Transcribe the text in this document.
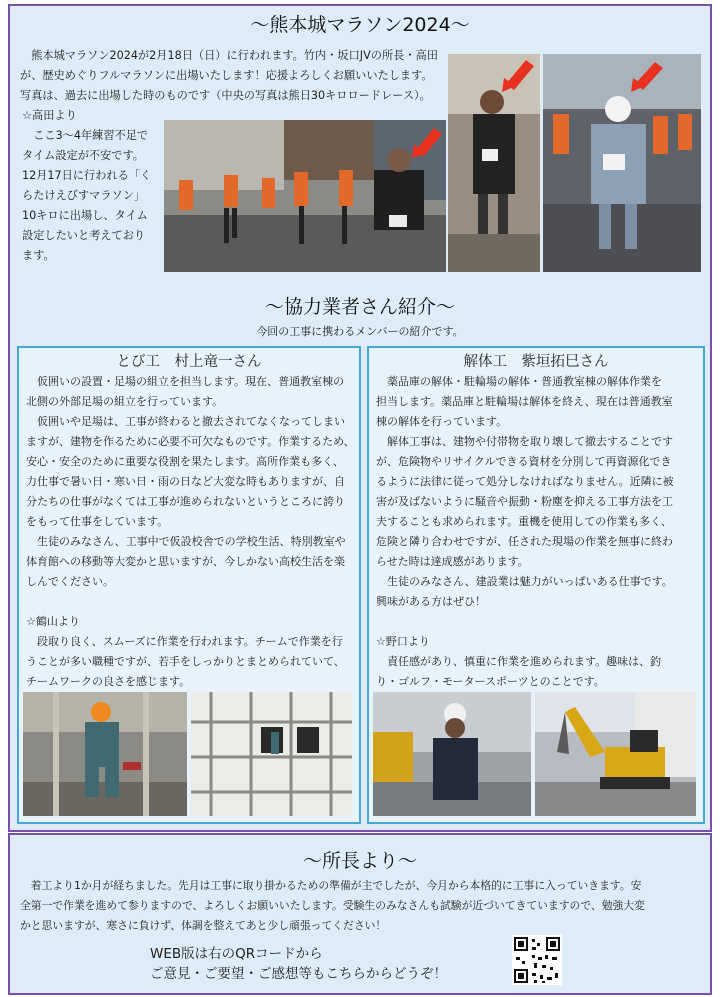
～熊本城マラソン2024～
　熊本城マラソン2024が2月18日（日）に行われます。竹内・坂口JVの所長・高田
が、歴史めぐりフルマラソンに出場いたします！応援よろしくお願いいたします。
写真は、過去に出場した時のものです（中央の写真は熊日30キロロードレース）。
☆高田より
　ここ3〜4年練習不足で
タイム設定が不安です。
12月17日に行われる「く
らたけえびすマラソン」
10キロに出場し、タイム
設定したいと考えており
ます。
～協力業者さん紹介～
今回の工事に携わるメンバーの紹介です。
とび工　村上竜一さん
　仮囲いの設置・足場の組立を担当します。現在、普通教室棟の
北側の外部足場の組立を行っています。
　仮囲いや足場は、工事が終わると撤去されてなくなってしまい
ますが、建物を作るために必要不可欠なものです。作業するため、
安心・安全のために重要な役割を果たします。高所作業も多く、
力仕事で暑い日・寒い日・雨の日など大変な時もありますが、自
分たちの仕事がなくては工事が進められないというところに誇り
をもって仕事をしています。
　生徒のみなさん、工事中で仮設校舎での学校生活、特別教室や
体育館への移動等大変かと思いますが、今しかない高校生活を楽
しんでください。
☆鶴山より
　段取り良く、スムーズに作業を行われます。チームで作業を行
うことが多い職種ですが、若手をしっかりとまとめられていて、
チームワークの良さを感じます。
解体工　紫垣拓巳さん
　薬品庫の解体・駐輪場の解体・普通教室棟の解体作業を
担当します。薬品庫と駐輪場は解体を終え、現在は普通教室
棟の解体を行っています。
　解体工事は、建物や付帯物を取り壊して撤去することです
が、危険物やリサイクルできる資材を分別して再資源化でき
るように法律に従って処分しなければなりません。近隣に被
害が及ばないように騒音や振動・粉塵を抑える工事方法を工
夫することも求められます。重機を使用しての作業も多く、
危険と隣り合わせですが、任された現場の作業を無事に終わ
らせた時は達成感があります。
　生徒のみなさん、建設業は魅力がいっぱいある仕事です。
興味がある方はぜひ！
☆野口より
　責任感があり、慎重に作業を進められます。趣味は、釣
り・ゴルフ・モータースポーツとのことです。
～所長より～
　着工より1か月が経ちました。先月は工事に取り掛かるための準備が主でしたが、今月から本格的に工事に入っていきます。安
全第一で作業を進めて参りますので、よろしくお願いいたします。受験生のみなさんも試験が近づいてきていますので、勉強大変
かと思いますが、寒さに負けず、体調を整えてあと少し頑張ってください！
WEB版は右のQRコードから
ご意見・ご要望・ご感想等もこちらからどうぞ！
